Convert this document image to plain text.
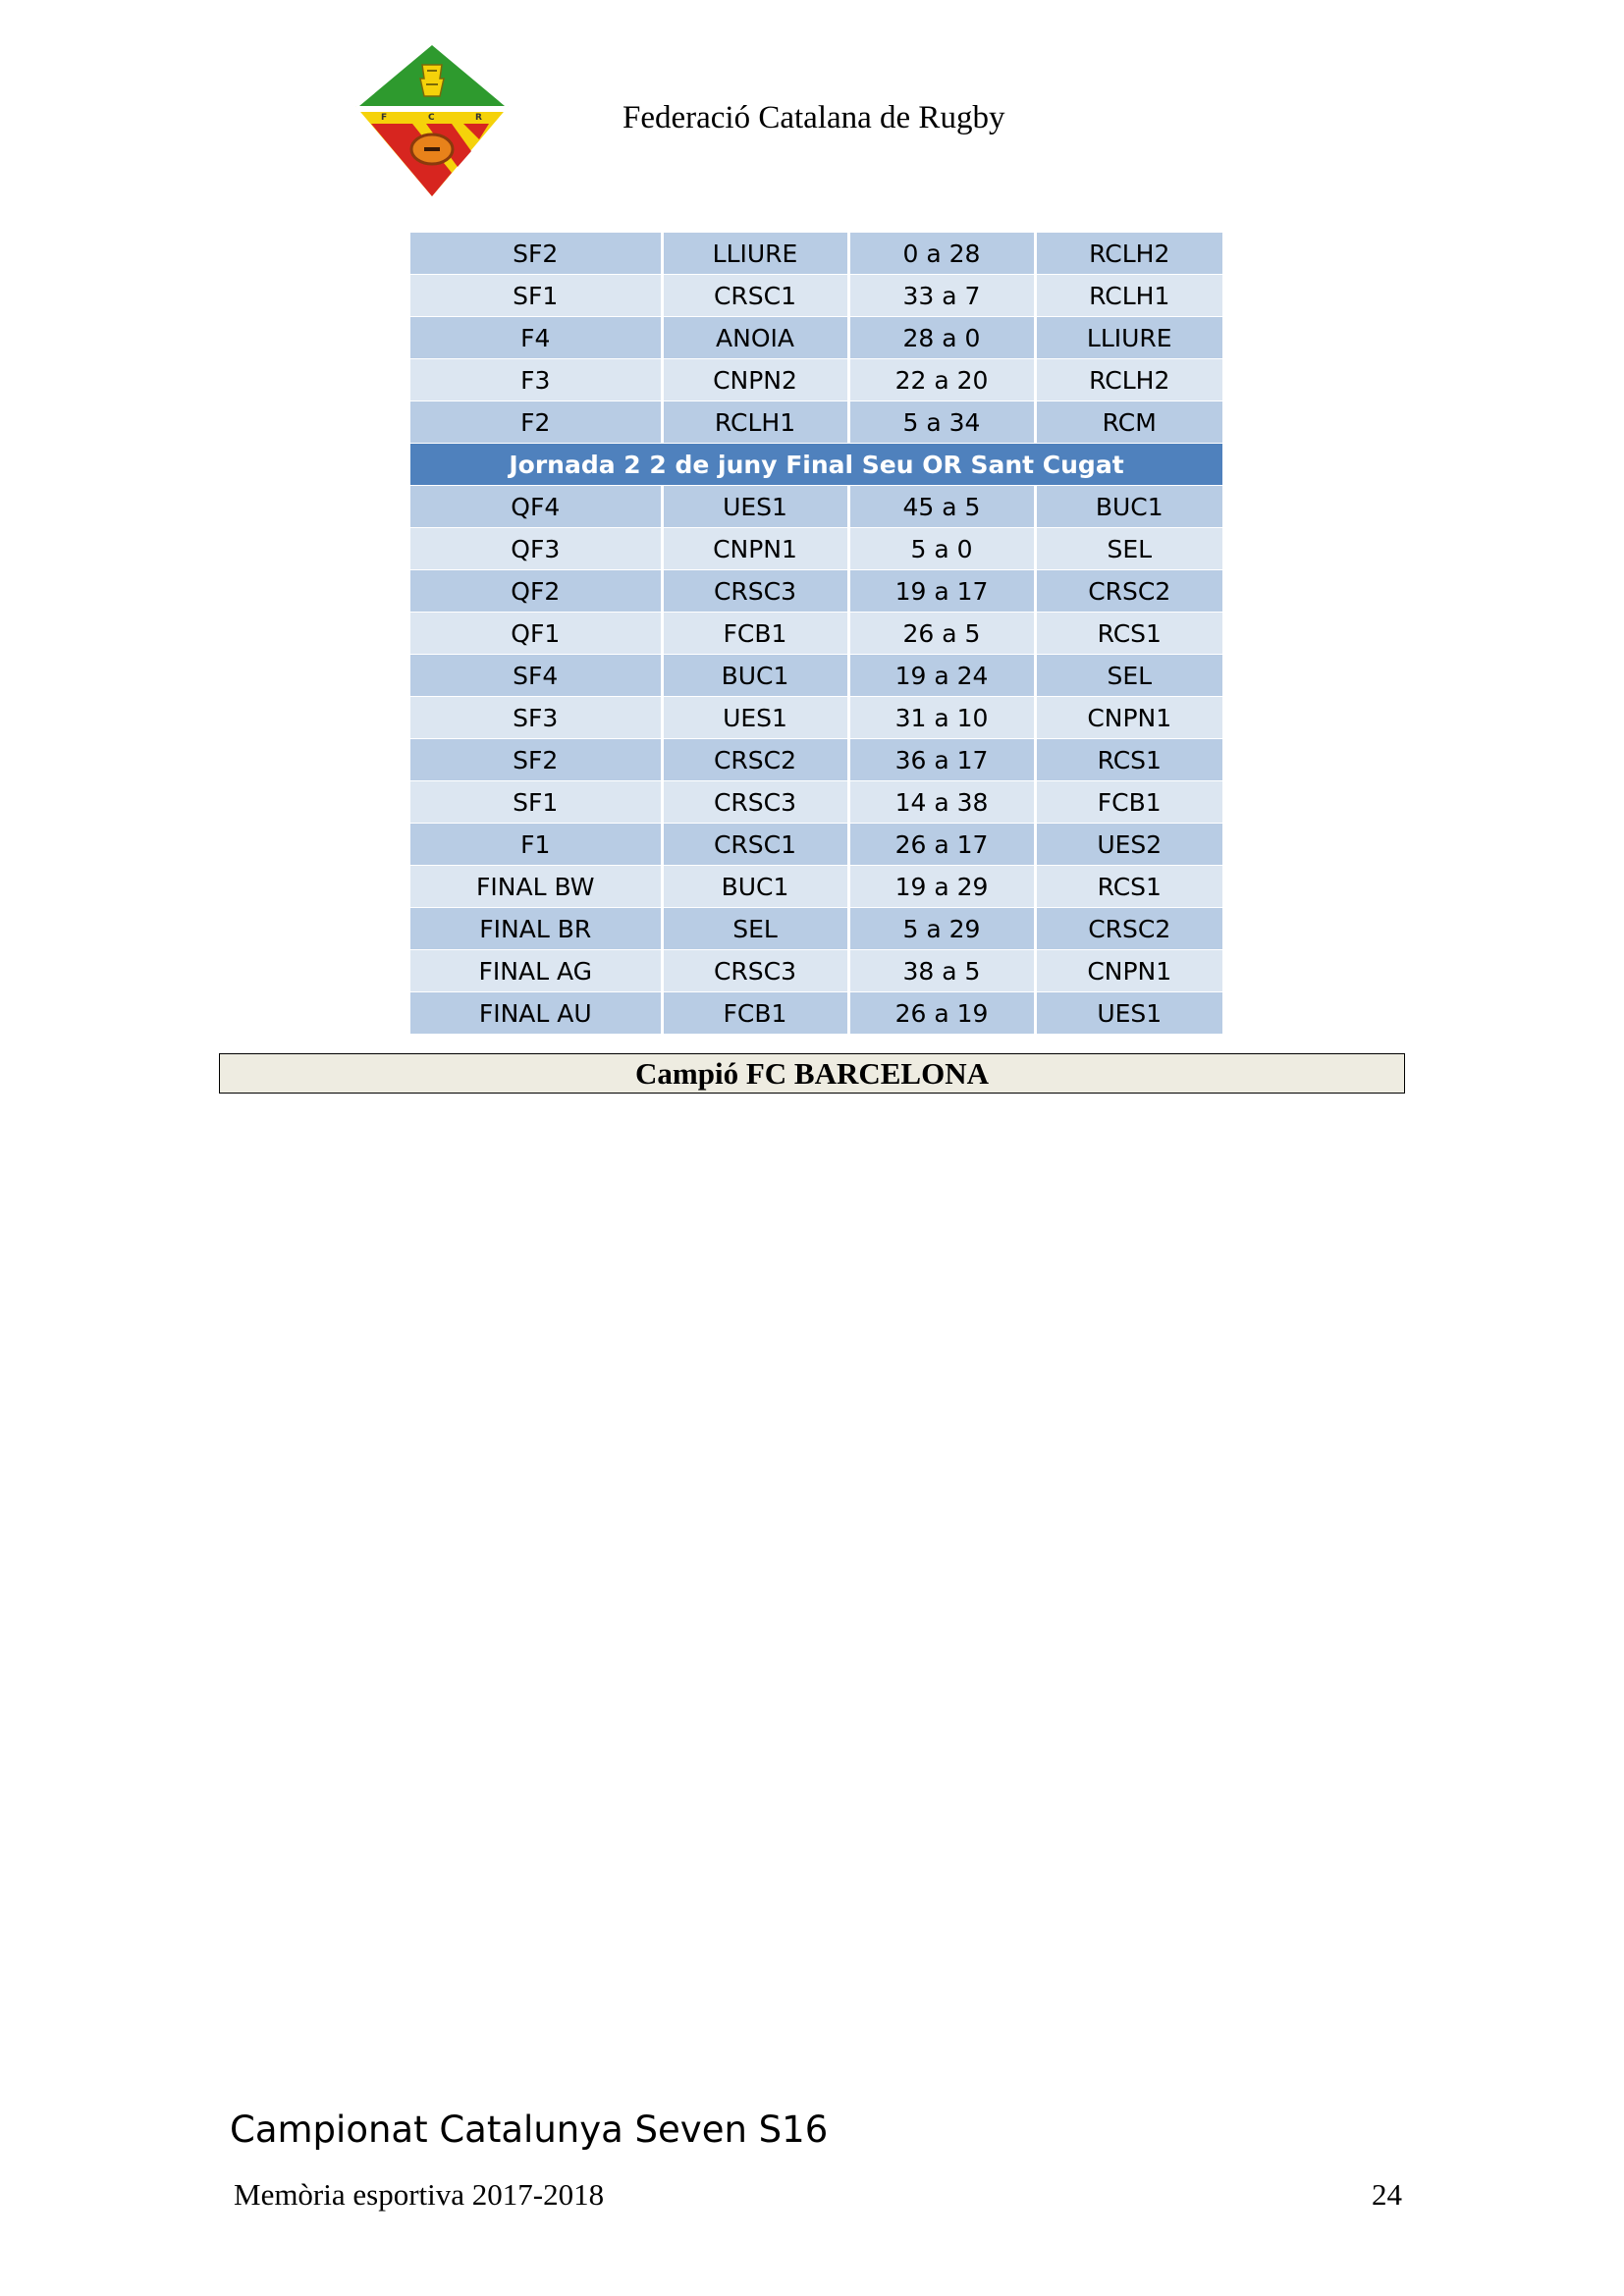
F	C	R	Federació Catalana de Rugby
SF2	LLIURE	0 a 28	RCLH2
SF1	CRSC1	33 a 7	RCLH1
F4	ANOIA	28 a 0	LLIURE
F3	CNPN2	22 a 20	RCLH2
F2	RCLH1	5 a 34	RCM
Jornada 2 2 de juny Final Seu OR Sant Cugat			
QF4	UES1	45 a 5	BUC1
QF3	CNPN1	5 a 0	SEL
QF2	CRSC3	19 a 17	CRSC2
QF1	FCB1	26 a 5	RCS1
SF4	BUC1	19 a 24	SEL
SF3	UES1	31 a 10	CNPN1
SF2	CRSC2	36 a 17	RCS1
SF1	CRSC3	14 a 38	FCB1
F1	CRSC1	26 a 17	UES2
FINAL BW	BUC1	19 a 29	RCS1
FINAL BR	SEL	5 a 29	CRSC2
FINAL AG	CRSC3	38 a 5	CNPN1
FINAL AU	FCB1	26 a 19	UES1
Campió FC BARCELONA
Campionat Catalunya Seven S16
Memòria esportiva 2017-2018	24
